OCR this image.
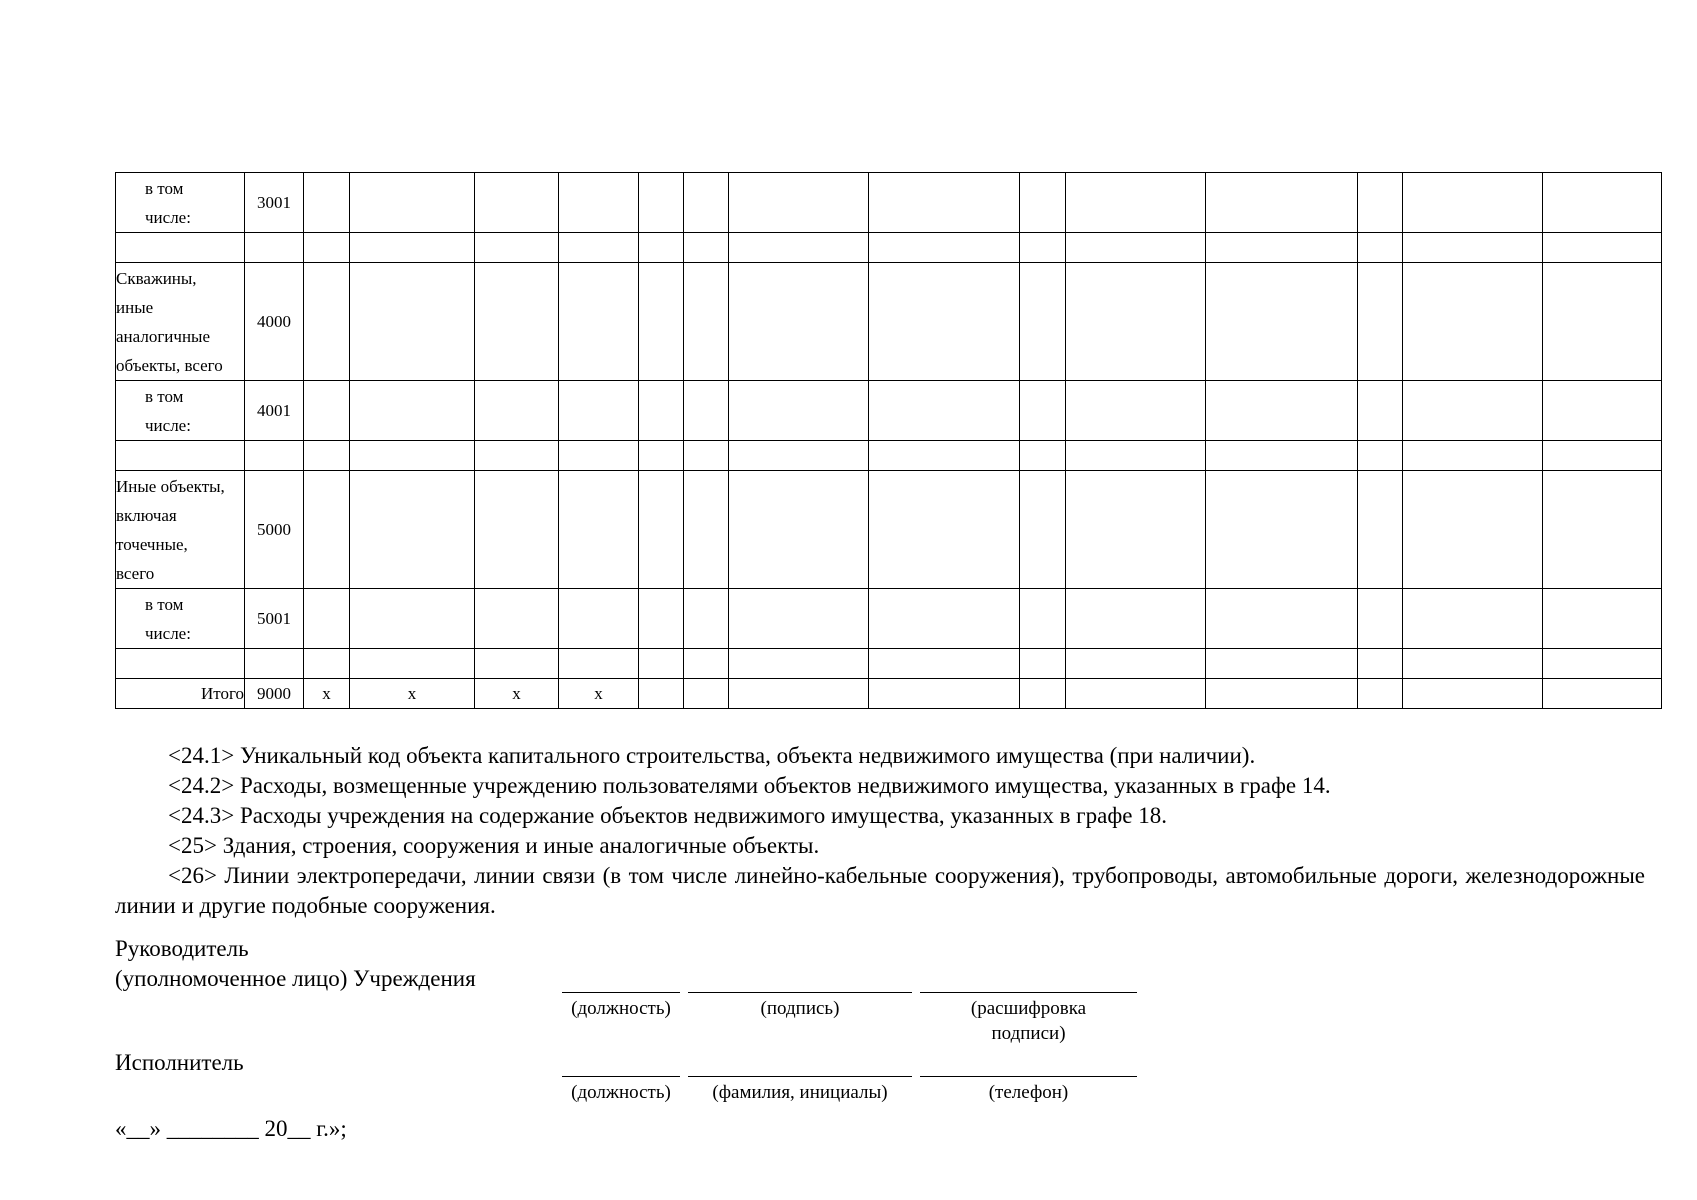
в том
числе:	3001														

Скважины,
иные
аналогичные
объекты, всего	4000														

в том
числе:	4001														

Иные объекты,
включая
точечные,
всего	5000														

в том
числе:	5001														

Итого	9000	x	x	x	x										
<24.1> Уникальный код объекта капитального строительства, объекта недвижимого имущества (при наличии).
<24.2> Расходы, возмещенные учреждению пользователями объектов недвижимого имущества, указанных в графе 14.
<24.3> Расходы учреждения на содержание объектов недвижимого имущества, указанных в графе 18.
<25> Здания, строения, сооружения и иные аналогичные объекты.
<26> Линии электропередачи, линии связи (в том числе линейно-кабельные сооружения), трубопроводы, автомобильные дороги, железнодорожные линии и другие подобные сооружения.
Руководитель
(уполномоченное лицо) Учреждения
(должность)	(подпись)	(расшифровка подписи)
Исполнитель
(должность)	(фамилия, инициалы)	(телефон)
«__» ________ 20__ г.»;
